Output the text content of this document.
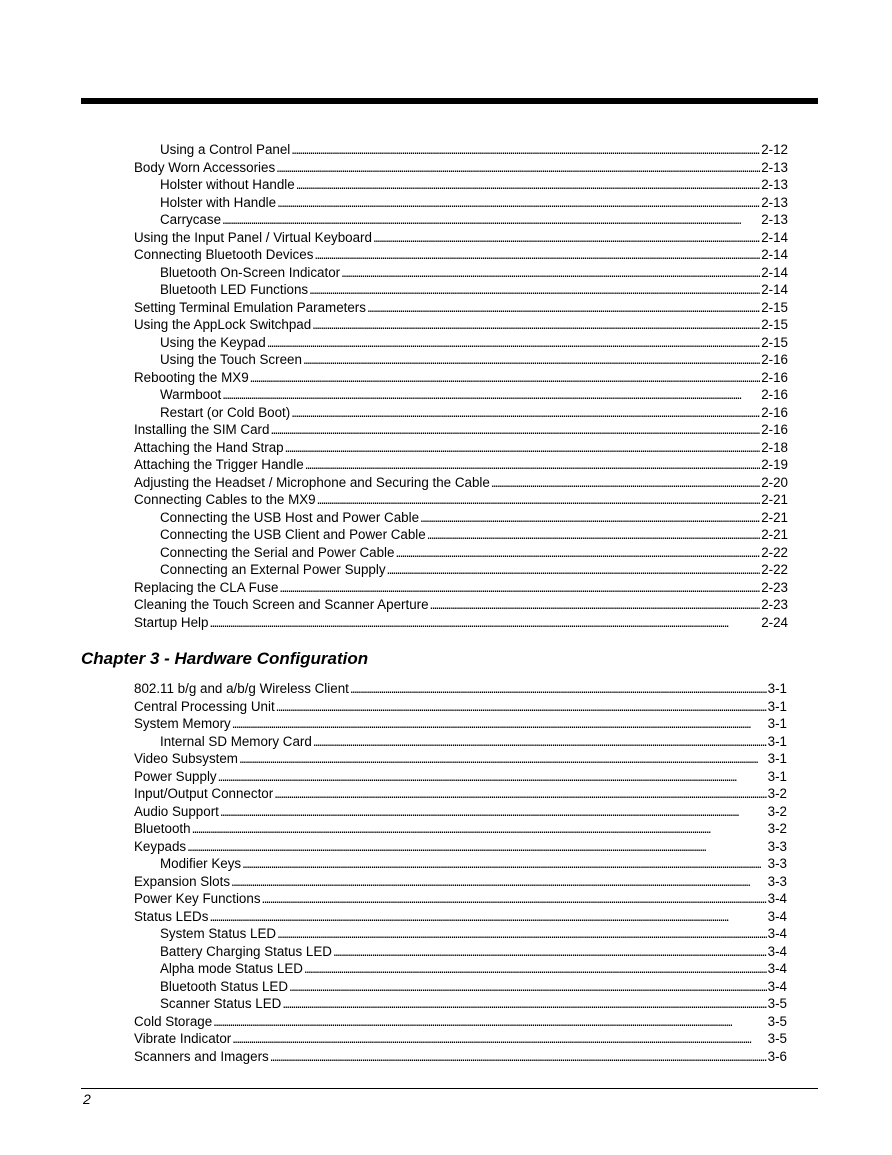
Using a Control Panel . . .	2-12
Body Worn Accessories . . .	2-13
Holster without Handle . . .	2-13
Holster with Handle . . .	2-13
Carrycase . . .	2-13
Using the Input Panel / Virtual Keyboard . . .	2-14
Connecting Bluetooth Devices . . .	2-14
Bluetooth On-Screen Indicator . . .	2-14
Bluetooth LED Functions . . .	2-14
Setting Terminal Emulation Parameters . . .	2-15
Using the AppLock Switchpad . . .	2-15
Using the Keypad . . .	2-15
Using the Touch Screen . . .	2-16
Rebooting the MX9 . . .	2-16
Warmboot . . .	2-16
Restart (or Cold Boot) . . .	2-16
Installing the SIM Card . . .	2-16
Attaching the Hand Strap . . .	2-18
Attaching the Trigger Handle . . .	2-19
Adjusting the Headset / Microphone and Securing the Cable . . .	2-20
Connecting Cables to the MX9 . . .	2-21
Connecting the USB Host and Power Cable . . .	2-21
Connecting the USB Client and Power Cable . . .	2-21
Connecting the Serial and Power Cable . . .	2-22
Connecting an External Power Supply . . .	2-22
Replacing the CLA Fuse . . .	2-23
Cleaning the Touch Screen and Scanner Aperture . . .	2-23
Startup Help . . .	2-24
Chapter 3 - Hardware Configuration
802.11 b/g and a/b/g Wireless Client . . .	3-1
Central Processing Unit . . .	3-1
System Memory . . .	3-1
Internal SD Memory Card . . .	3-1
Video Subsystem . . .	3-1
Power Supply . . .	3-1
Input/Output Connector . . .	3-2
Audio Support . . .	3-2
Bluetooth . . .	3-2
Keypads . . .	3-3
Modifier Keys . . .	3-3
Expansion Slots . . .	3-3
Power Key Functions . . .	3-4
Status LEDs . . .	3-4
System Status LED . . .	3-4
Battery Charging Status LED . . .	3-4
Alpha mode Status LED . . .	3-4
Bluetooth Status LED . . .	3-4
Scanner Status LED . . .	3-5
Cold Storage . . .	3-5
Vibrate Indicator . . .	3-5
Scanners and Imagers . . .	3-6
2
